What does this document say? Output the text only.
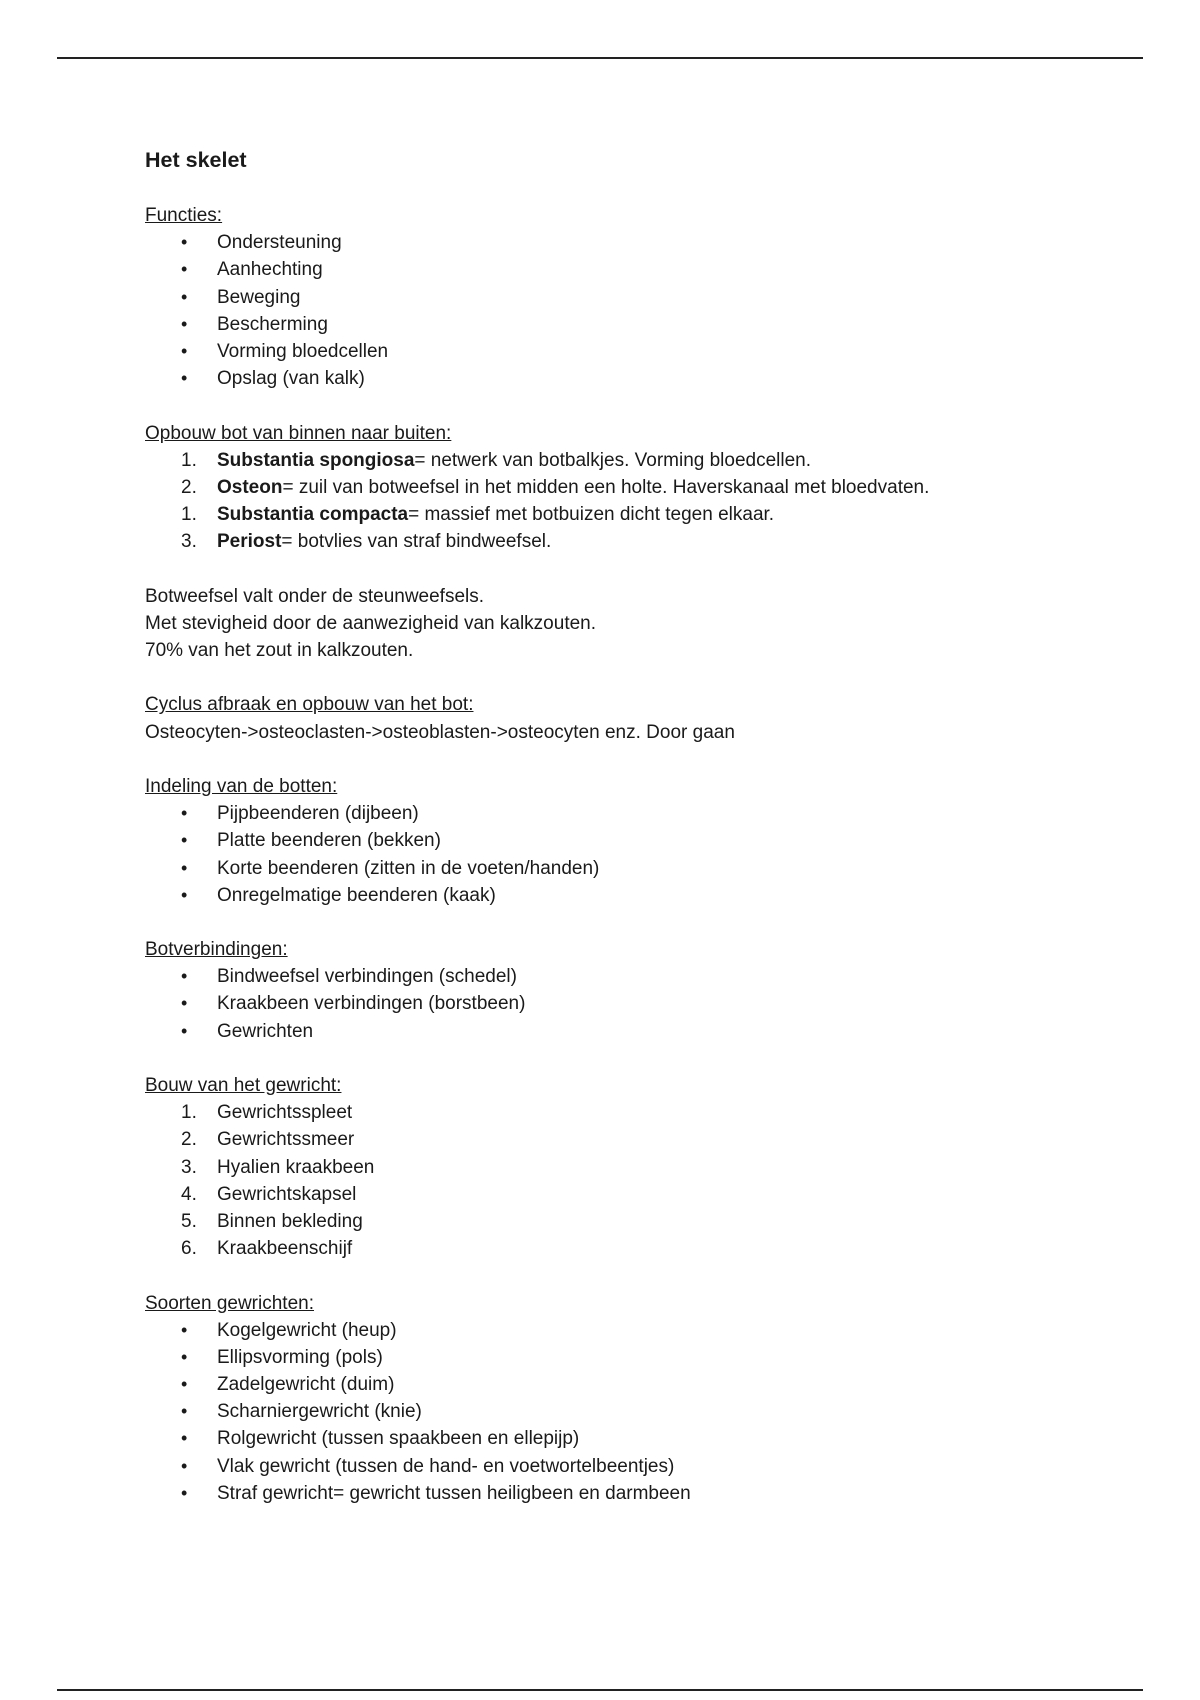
Het skelet
Functies:
• Ondersteuning
• Aanhechting
• Beweging
• Bescherming
• Vorming bloedcellen
• Opslag (van kalk)
Opbouw bot van binnen naar buiten:
1. Substantia spongiosa= netwerk van botbalkjes. Vorming bloedcellen.
2. Osteon= zuil van botweefsel in het midden een holte. Haverskanaal met bloedvaten.
1. Substantia compacta= massief met botbuizen dicht tegen elkaar.
3. Periost= botvlies van straf bindweefsel.
Botweefsel valt onder de steunweefsels.
Met stevigheid door de aanwezigheid van kalkzouten.
70% van het zout in kalkzouten.
Cyclus afbraak en opbouw van het bot:
Osteocyten->osteoclasten->osteoblasten->osteocyten enz. Door gaan
Indeling van de botten:
• Pijpbeenderen (dijbeen)
• Platte beenderen (bekken)
• Korte beenderen (zitten in de voeten/handen)
• Onregelmatige beenderen (kaak)
Botverbindingen:
• Bindweefsel verbindingen (schedel)
• Kraakbeen verbindingen (borstbeen)
• Gewrichten
Bouw van het gewricht:
1. Gewrichtsspleet
2. Gewrichtssmeer
3. Hyalien kraakbeen
4. Gewrichtskapsel
5. Binnen bekleding
6. Kraakbeenschijf
Soorten gewrichten:
• Kogelgewricht (heup)
• Ellipsvorming (pols)
• Zadelgewricht (duim)
• Scharniergewricht (knie)
• Rolgewricht (tussen spaakbeen en ellepijp)
• Vlak gewricht (tussen de hand- en voetwortelbeentjes)
• Straf gewricht= gewricht tussen heiligbeen en darmbeen
